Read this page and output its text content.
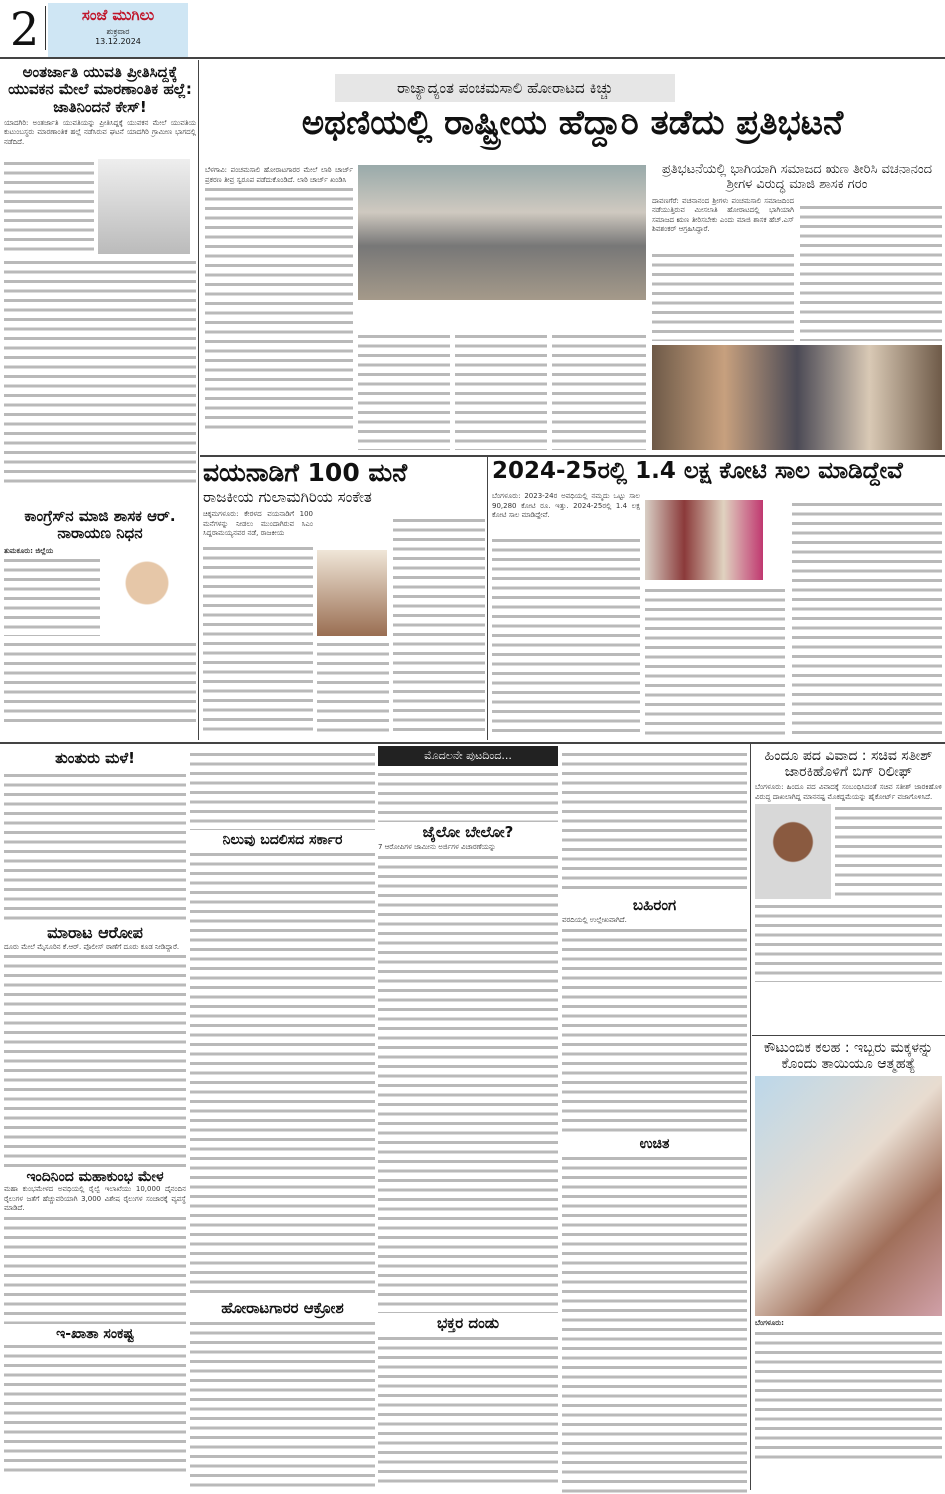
2	ಸಂಜೆ ಮುಗಿಲು
ಶುಕ್ರವಾರ
13.12.2024
ಅಂತರ್ಜಾತಿ ಯುವತಿ ಪ್ರೀತಿಸಿದ್ದಕ್ಕೆ ಯುವಕನ ಮೇಲೆ ಮಾರಣಾಂತಿಕ ಹಲ್ಲೆ: ಜಾತಿನಿಂದನೆ ಕೇಸ್!
ಯಾದಗಿರಿ: ಅಂತರ್ಜಾತಿ ಯುವತಿಯನ್ನು ಪ್ರೀತಿಸಿದ್ದಕ್ಕೆ ಯುವಕನ ಮೇಲೆ ಯುವತಿಯ ಕುಟುಂಬಸ್ಥರು ಮಾರಣಾಂತಿಕ ಹಲ್ಲೆ ನಡೆಸಿರುವ ಘಟನೆ ಯಾದಗಿರಿ ಗ್ರಾಮೀಣ ಭಾಗದಲ್ಲಿ ನಡೆದಿದೆ.
ಕಾಂಗ್ರೆಸ್‌ನ ಮಾಜಿ ಶಾಸಕ ಆರ್. ನಾರಾಯಣ ನಿಧನ
ತುಮಕೂರು: ಜಿಲ್ಲೆಯ
ರಾಜ್ಯಾದ್ಯಂತ ಪಂಚಮಸಾಲಿ ಹೋರಾಟದ ಕಿಚ್ಚು
ಅಥಣಿಯಲ್ಲಿ ರಾಷ್ಟ್ರೀಯ ಹೆದ್ದಾರಿ ತಡೆದು ಪ್ರತಿಭಟನೆ
ಬೆಳಗಾವಿ: ಪಂಚಮಸಾಲಿ ಹೋರಾಟಗಾರರ ಮೇಲೆ ಲಾಠಿ ಚಾರ್ಜ್ ಪ್ರಕರಣ ತೀವ್ರ ಸ್ವರೂಪ ಪಡೆದುಕೊಂಡಿದೆ. ಲಾಠಿ ಚಾರ್ಜ್ ಖಂಡಿಸಿ
ಪ್ರತಿಭಟನೆಯಲ್ಲಿ ಭಾಗಿಯಾಗಿ ಸಮಾಜದ ಋಣ ತೀರಿಸಿ ವಚನಾನಂದ ಶ್ರೀಗಳ ವಿರುದ್ಧ ಮಾಜಿ ಶಾಸಕ ಗರಂ
ದಾವಣಗೆರೆ: ವಚನಾನಂದ ಶ್ರೀಗಳು ಪಂಚಮಸಾಲಿ ಸಮಾಜದಿಂದ ನಡೆಯುತ್ತಿರುವ ಮೀಸಲಾತಿ ಹೋರಾಟದಲ್ಲಿ ಭಾಗಿಯಾಗಿ ಸಮಾಜದ ಋಣ ತೀರಿಸಬೇಕು ಎಂದು ಮಾಜಿ ಶಾಸಕ ಹೆಚ್.ಎಸ್ ಶಿವಶಂಕರ್ ಆಗ್ರಹಿಸಿದ್ದಾರೆ.
ವಯನಾಡಿಗೆ 100 ಮನೆ
ರಾಜಕೀಯ ಗುಲಾಮಗಿರಿಯ ಸಂಕೇತ
ಚಿಕ್ಕಮಗಳೂರು: ಕೇರಳದ ವಯನಾಡಿಗೆ 100 ಮನೆಗಳನ್ನು ನೀಡಲು ಮುಂದಾಗಿರುವ ಸಿಎಂ ಸಿದ್ದರಾಮಯ್ಯನವರ ನಡೆ, ರಾಜಕೀಯ
2024-25ರಲ್ಲಿ 1.4 ಲಕ್ಷ ಕೋಟಿ ಸಾಲ ಮಾಡಿದ್ದೇವೆ
ಬೆಂಗಳೂರು: 2023-24ರ ಅವಧಿಯಲ್ಲಿ ನಮ್ಮದು ಒಟ್ಟು ಸಾಲ 90,280 ಕೋಟಿ ರೂ. ಇತ್ತು. 2024-25ರಲ್ಲಿ 1.4 ಲಕ್ಷ ಕೋಟಿ ಸಾಲ ಮಾಡಿದ್ದೇವೆ.
ತುಂತುರು ಮಳೆ!
ಮಾರಾಟ ಆರೋಪ
ದೂರು ಮೇಲೆ ಮೈಸೂರಿನ ಕೆ.ಆರ್. ಪೊಲೀಸ್ ಠಾಣೆಗೆ ದೂರು ಕೂಡ ನೀಡಿದ್ದಾರೆ.
ಇಂದಿನಿಂದ ಮಹಾಕುಂಭ ಮೇಳ
ಮಹಾ ಕುಂಭಮೇಳದ ಅವಧಿಯಲ್ಲಿ ರೈಲ್ವೆ ಇಲಾಖೆಯು 10,000 ದೈನಂದಿನ ರೈಲುಗಳ ಜತೆಗೆ ಹೆಚ್ಚುವರಿಯಾಗಿ 3,000 ವಿಶೇಷ ರೈಲುಗಳ ಸಂಚಾರಕ್ಕೆ ವ್ಯವಸ್ಥೆ ಮಾಡಿದೆ.
ಇ-ಖಾತಾ ಸಂಕಷ್ಟ
ನಿಲುವು ಬದಲಿಸದ ಸರ್ಕಾರ
ಹೋರಾಟಗಾರರ ಆಕ್ರೋಶ
ಮೊದಲನೇ ಪುಟದಿಂದ...
ಜೈಲೋ ಬೇಲೋ?
7 ಆರೋಪಿಗಳ ಜಾಮೀನು ಅರ್ಜಿಗಳ ವಿಚಾರಣೆಯನ್ನು
ಭಕ್ತರ ದಂಡು
ಬಹಿರಂಗ
ವರದಿಯಲ್ಲಿ ಉಲ್ಲೇಖವಾಗಿದೆ.
ಉಚಿತ
ಹಿಂದೂ ಪದ ವಿವಾದ : ಸಚಿವ ಸತೀಶ್ ಜಾರಕಿಹೊಳಿಗೆ ಬಿಗ್ ರಿಲೀಫ್
ಬೆಂಗಳೂರು: ಹಿಂದೂ ಪದ ವಿವಾದಕ್ಕೆ ಸಂಬಂಧಿಸಿದಂತೆ ಸಚಿವ ಸತೀಶ್ ಜಾರಕಿಹೊಳಿ ವಿರುದ್ಧ ದಾಖಲಾಗಿದ್ದ ಮಾನನಷ್ಟ ಮೊಕದ್ದಮೆಯನ್ನು ಹೈಕೋರ್ಟ್ ವಜಾಗೊಳಿಸಿದೆ.
ಕೌಟುಂಬಿಕ ಕಲಹ : ಇಬ್ಬರು ಮಕ್ಕಳನ್ನು ಕೊಂದು ತಾಯಿಯೂ ಆತ್ಮಹತ್ಯೆ
ಬೆಂಗಳೂರು:
